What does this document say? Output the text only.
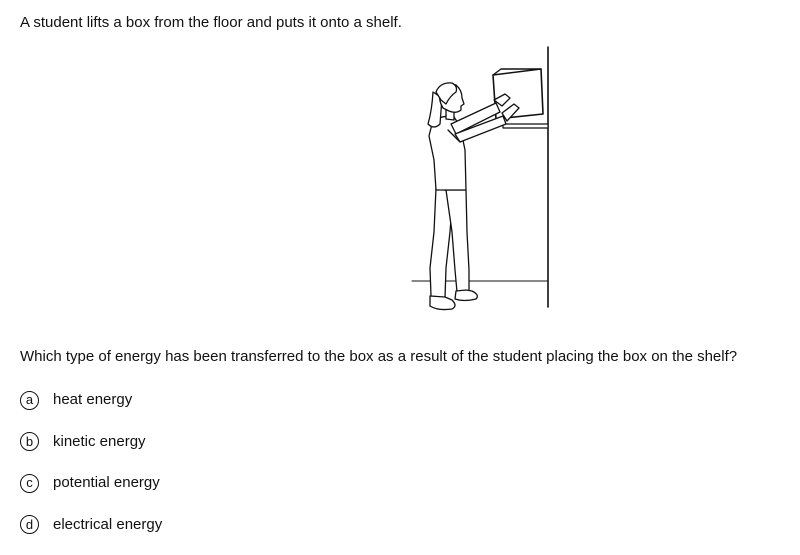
A student lifts a box from the floor and puts it onto a shelf.

Which type of energy has been transferred to the box as a result of the student placing the box on the shelf?

a	heat energy
b	kinetic energy
c	potential energy
d	electrical energy
